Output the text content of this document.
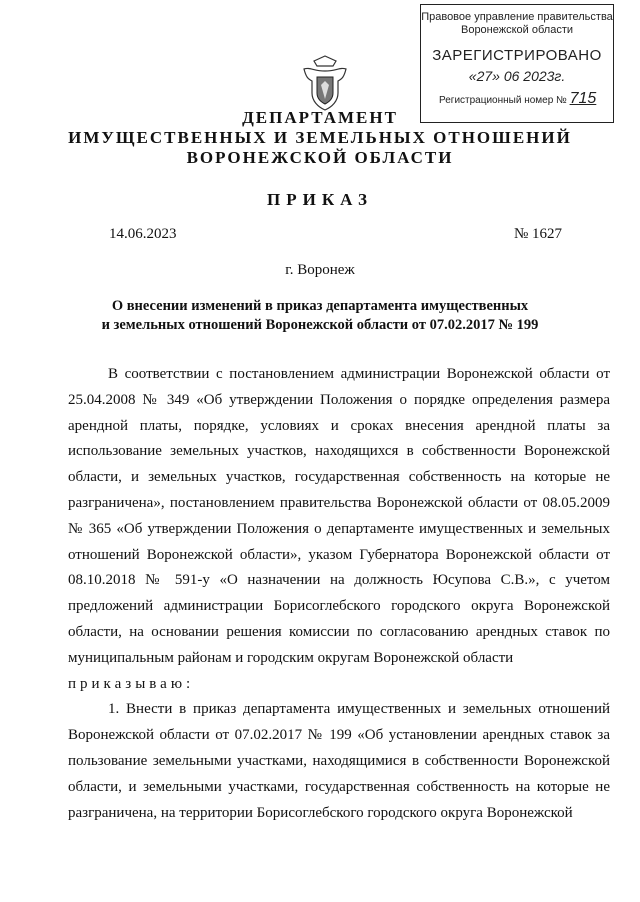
Правовое управление правительства
Воронежской области
ЗАРЕГИСТРИРОВАНО
«27» 06 2023г.
Регистрационный номер № 715
ДЕПАРТАМЕНТ
ИМУЩЕСТВЕННЫХ И ЗЕМЕЛЬНЫХ ОТНОШЕНИЙ
ВОРОНЕЖСКОЙ ОБЛАСТИ
ПРИКАЗ
14.06.2023	№ 1627
г. Воронеж
О внесении изменений в приказ департамента имущественных
и земельных отношений Воронежской области от 07.02.2017 № 199

В соответствии с постановлением администрации Воронежской области от 25.04.2008 № 349 «Об утверждении Положения о порядке определения размера арендной платы, порядке, условиях и сроках внесения арендной платы за использование земельных участков, находящихся в собственности Воронежской области, и земельных участков, государственная собственность на которые не разграничена», постановлением правительства Воронежской области от 08.05.2009 № 365 «Об утверждении Положения о департаменте имущественных и земельных отношений Воронежской области», указом Губернатора Воронежской области от 08.10.2018 № 591-у «О назначении на должность Юсупова С.В.», с учетом предложений администрации Борисоглебского городского округа Воронежской области, на основании решения комиссии по согласованию арендных ставок по муниципальным районам и городским округам Воронежской области

приказываю:

1. Внести в приказ департамента имущественных и земельных отношений Воронежской области от 07.02.2017 № 199 «Об установлении арендных ставок за пользование земельными участками, находящимися в собственности Воронежской области, и земельными участками, государственная собственность на которые не разграничена, на территории Борисоглебского городского округа Воронежской
